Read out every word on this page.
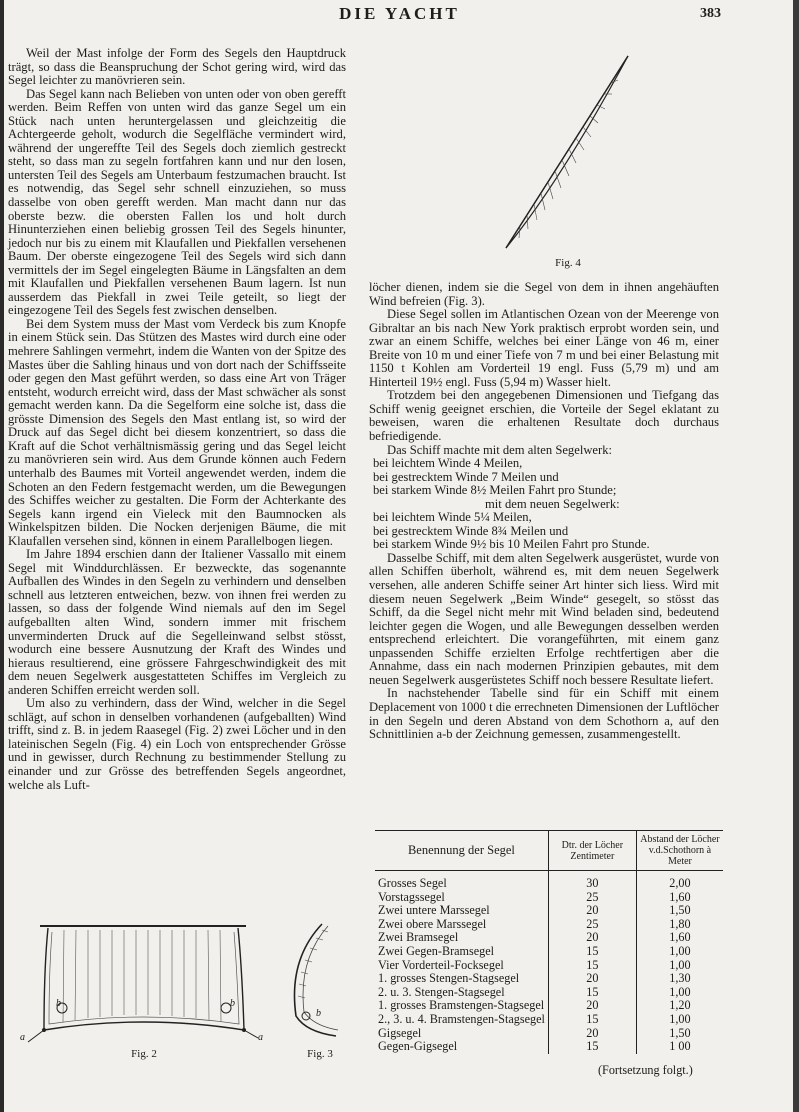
DIE YACHT	383

Weil der Mast infolge der Form des Segels den Hauptdruck trägt, so dass die Beanspruchung der Schot gering wird, wird das Segel leichter zu manövrieren sein.

Das Segel kann nach Belieben von unten oder von oben gerefft werden. Beim Reffen von unten wird das ganze Segel um ein Stück nach unten heruntergelassen und gleichzeitig die Achtergeerde geholt, wodurch die Segelfläche vermindert wird, während der ungereffte Teil des Segels doch ziemlich gestreckt steht, so dass man zu segeln fortfahren kann und nur den losen, untersten Teil des Segels am Unterbaum festzumachen braucht. Ist es notwendig, das Segel sehr schnell einzuziehen, so muss dasselbe von oben gerefft werden. Man macht dann nur das oberste bezw. die obersten Fallen los und holt durch Hinunterziehen einen beliebig grossen Teil des Segels hinunter, jedoch nur bis zu einem mit Klaufallen und Piekfallen versehenen Baum. Der oberste eingezogene Teil des Segels wird sich dann vermittels der im Segel eingelegten Bäume in Längsfalten an dem mit Klaufallen und Piekfallen versehenen Baum lagern. Ist nun ausserdem das Piekfall in zwei Teile geteilt, so liegt der eingezogene Teil des Segels fest zwischen denselben.

Bei dem System muss der Mast vom Verdeck bis zum Knopfe in einem Stück sein. Das Stützen des Mastes wird durch eine oder mehrere Sahlingen vermehrt, indem die Wanten von der Spitze des Mastes über die Sahling hinaus und von dort nach der Schiffsseite oder gegen den Mast geführt werden, so dass eine Art von Träger entsteht, wodurch erreicht wird, dass der Mast schwächer als sonst gemacht werden kann. Da die Segelform eine solche ist, dass die grösste Dimension des Segels den Mast entlang ist, so wird der Druck auf das Segel dicht bei diesem konzentriert, so dass die Kraft auf die Schot verhältnismässig gering und das Segel leicht zu manövrieren sein wird. Aus dem Grunde können auch Federn unterhalb des Baumes mit Vorteil angewendet werden, indem die Schoten an den Federn festgemacht werden, um die Bewegungen des Schiffes weicher zu gestalten. Die Form der Achterkante des Segels kann irgend ein Vieleck mit den Baumnocken als Winkelspitzen bilden. Die Nocken derjenigen Bäume, die mit Klaufallen versehen sind, können in einem Parallelbogen liegen.

Im Jahre 1894 erschien dann der Italiener Vassallo mit einem Segel mit Winddurchlässen. Er bezweckte, das sogenannte Aufballen des Windes in den Segeln zu verhindern und denselben schnell aus letzteren entweichen, bezw. von ihnen frei werden zu lassen, so dass der folgende Wind niemals auf den im Segel aufgeballten alten Wind, sondern immer mit frischem unverminderten Druck auf die Segelleinwand selbst stösst, wodurch eine bessere Ausnutzung der Kraft des Windes und hieraus resultierend, eine grössere Fahrgeschwindigkeit des mit dem neuen Segelwerk ausgestatteten Schiffes im Vergleich zu anderen Schiffen erreicht werden soll.

Um also zu verhindern, dass der Wind, welcher in die Segel schlägt, auf schon in denselben vorhandenen (aufgeballten) Wind trifft, sind z. B. in jedem Raasegel (Fig. 2) zwei Löcher und in den lateinischen Segeln (Fig. 4) ein Loch von entsprechender Grösse und in gewisser, durch Rechnung zu bestimmender Stellung zu einander und zur Grösse des betreffenden Segels angeordnet, welche als Luft-

Fig. 4

löcher dienen, indem sie die Segel von dem in ihnen angehäuften Wind befreien (Fig. 3).

Diese Segel sollen im Atlantischen Ozean von der Meerenge von Gibraltar an bis nach New York praktisch erprobt worden sein, und zwar an einem Schiffe, welches bei einer Länge von 46 m, einer Breite von 10 m und einer Tiefe von 7 m und bei einer Belastung mit 1150 t Kohlen am Vorderteil 19 engl. Fuss (5,79 m) und am Hinterteil 19½ engl. Fuss (5,94 m) Wasser hielt.

Trotzdem bei den angegebenen Dimensionen und Tiefgang das Schiff wenig geeignet erschien, die Vorteile der Segel eklatant zu beweisen, waren die erhaltenen Resultate doch durchaus befriedigende.

Das Schiff machte mit dem alten Segelwerk:

bei leichtem Winde 4 Meilen,
bei gestrecktem Winde 7 Meilen und
bei starkem Winde 8½ Meilen Fahrt pro Stunde;
mit dem neuen Segelwerk:
bei leichtem Winde 5¼ Meilen,
bei gestrecktem Winde 8¾ Meilen und
bei starkem Winde 9½ bis 10 Meilen Fahrt pro Stunde.

Dasselbe Schiff, mit dem alten Segelwerk ausgerüstet, wurde von allen Schiffen überholt, während es, mit dem neuen Segelwerk versehen, alle anderen Schiffe seiner Art hinter sich liess. Wird mit diesem neuen Segelwerk „Beim Winde“ gesegelt, so stösst das Schiff, da die Segel nicht mehr mit Wind beladen sind, bedeutend leichter gegen die Wogen, und alle Bewegungen desselben werden entsprechend erleichtert. Die vorangeführten, mit einem ganz unpassenden Schiffe erzielten Erfolge rechtfertigen aber die Annahme, dass ein nach modernen Prinzipien gebautes, mit dem neuen Segelwerk ausgerüstetes Schiff noch bessere Resultate liefert.

In nachstehender Tabelle sind für ein Schiff mit einem Deplacement von 1000 t die errechneten Dimensionen der Luftlöcher in den Segeln und deren Abstand von dem Schothorn a, auf den Schnittlinien a-b der Zeichnung gemessen, zusammengestellt.

a
b	b
a
Fig. 2
b
Fig. 3
Benennung der Segel	Dtr. der Löcher Zentimeter	Abstand der Löcher v.d.Schothorn à Meter
Grosses Segel	30	2,00
Vorstagssegel	25	1,60
Zwei untere Marssegel	20	1,50
Zwei obere Marssegel	25	1,80
Zwei Bramsegel	20	1,60
Zwei Gegen-Bramsegel	15	1,00
Vier Vorderteil-Focksegel	15	1,00
1. grosses Stengen-Stagsegel	20	1,30
2. u. 3. Stengen-Stagsegel	15	1,00
1. grosses Bramstengen-Stagsegel	20	1,20
2., 3. u. 4. Bramstengen-Stagsegel	15	1,00
Gigsegel	20	1,50
Gegen-Gigsegel	15	1 00
(Fortsetzung folgt.)
